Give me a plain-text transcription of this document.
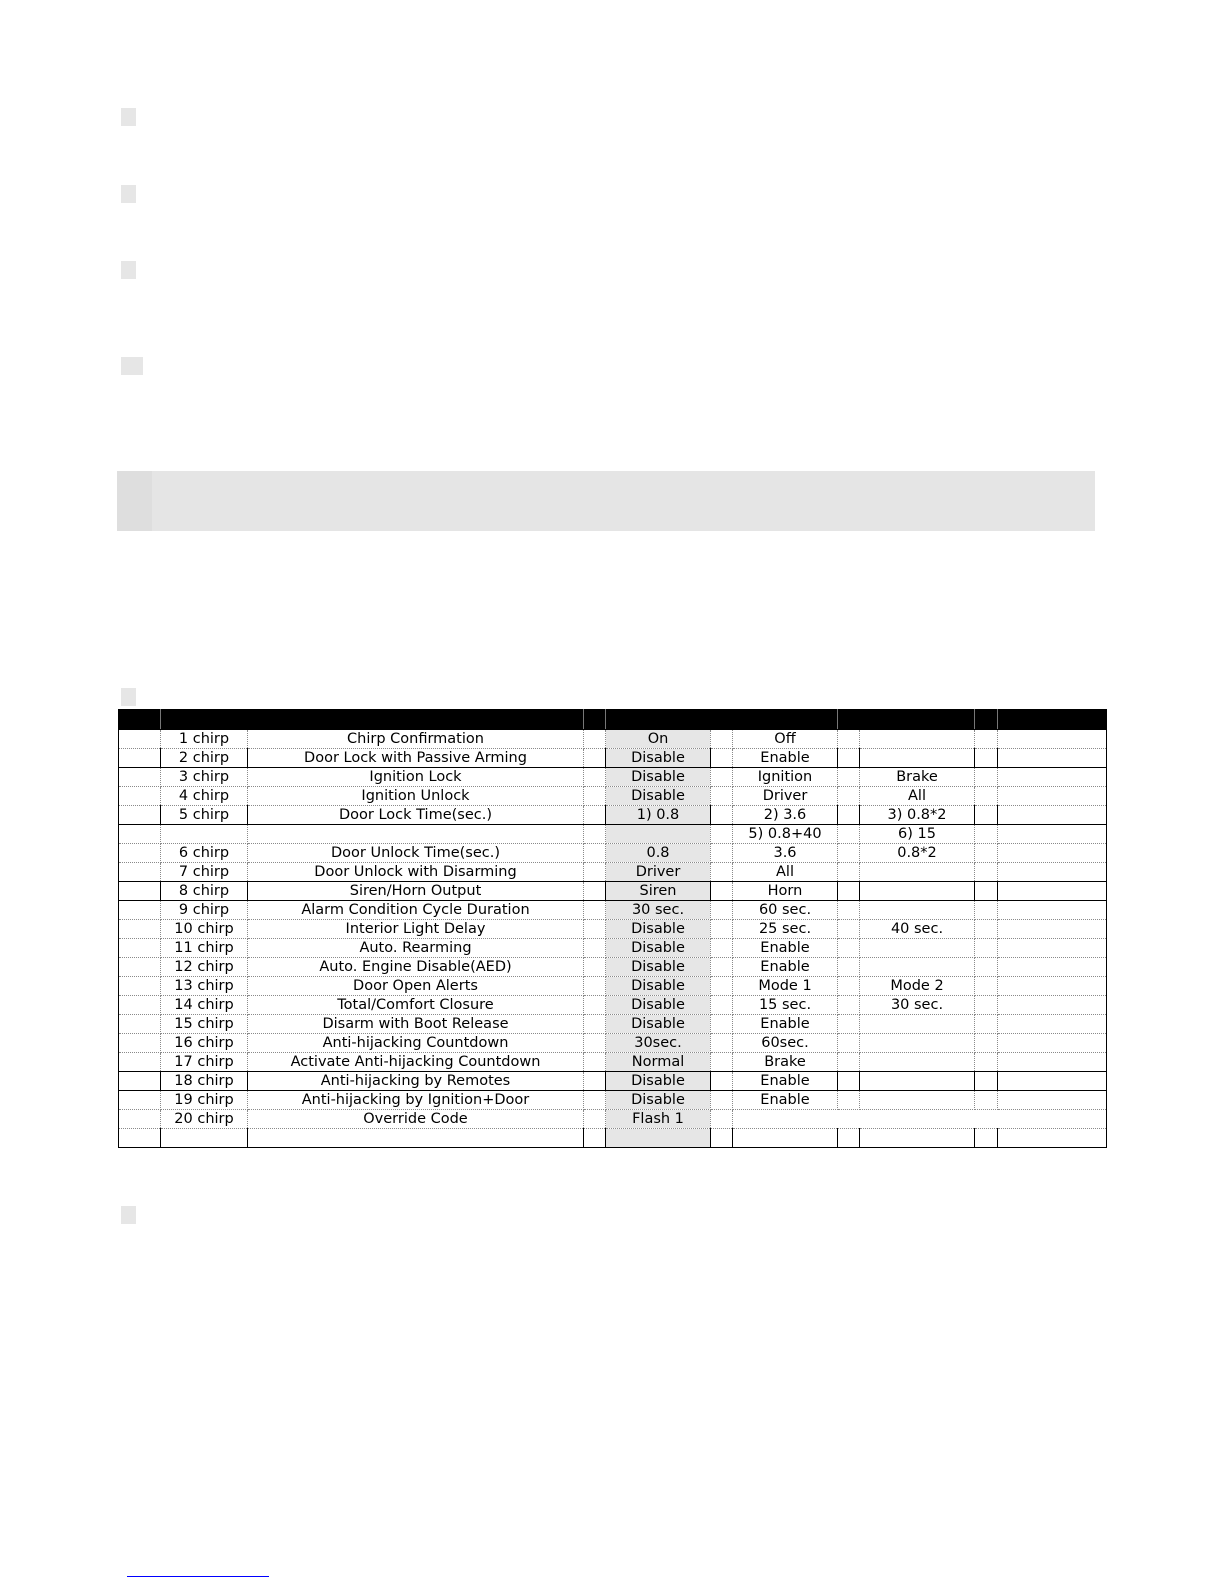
	1 chirp	Chirp Confirmation		On		Off				
	2 chirp	Door Lock with Passive Arming		Disable		Enable				
	3 chirp	Ignition Lock		Disable		Ignition		Brake		
	4 chirp	Ignition Unlock		Disable		Driver		All		
	5 chirp	Door Lock Time(sec.)		1) 0.8		2) 3.6		3) 0.8*2		
						5) 0.8+40		6) 15		
	6 chirp	Door Unlock Time(sec.)		0.8		3.6		0.8*2		
	7 chirp	Door Unlock with Disarming		Driver		All				
	8 chirp	Siren/Horn Output		Siren		Horn				
	9 chirp	Alarm Condition Cycle Duration		30 sec.		60 sec.				
	10 chirp	Interior Light Delay		Disable		25 sec.		40 sec.		
	11 chirp	Auto. Rearming		Disable		Enable				
	12 chirp	Auto. Engine Disable(AED)		Disable		Enable				
	13 chirp	Door Open Alerts		Disable		Mode 1		Mode 2		
	14 chirp	Total/Comfort Closure		Disable		15 sec.		30 sec.		
	15 chirp	Disarm with Boot Release		Disable		Enable				
	16 chirp	Anti-hijacking Countdown		30sec.		60sec.				
	17 chirp	Activate Anti-hijacking Countdown		Normal		Brake				
	18 chirp	Anti-hijacking by Remotes		Disable		Enable				
	19 chirp	Anti-hijacking by Ignition+Door		Disable		Enable				
	20 chirp	Override Code		Flash 1						
